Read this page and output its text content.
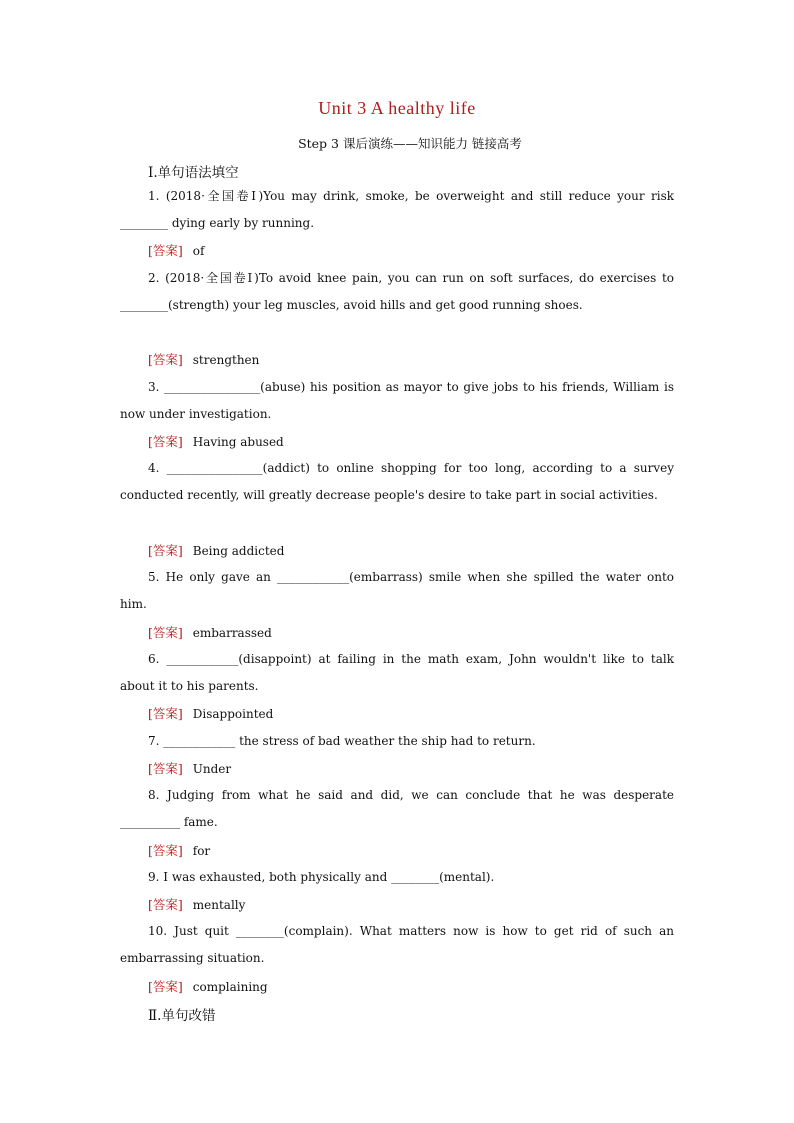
Unit 3 A healthy life
Step 3 课后演练——知识能力 链接高考
Ⅰ.单句语法填空
1. (2018·全国卷Ⅰ)You may drink, smoke, be overweight and still reduce your risk ________ dying early by running.
[答案] of
2. (2018·全国卷Ⅰ)To avoid knee pain, you can run on soft surfaces, do exercises to ________(strength) your leg muscles, avoid hills and get good running shoes.
[答案] strengthen
3. ________________(abuse) his position as mayor to give jobs to his friends, William is now under investigation.
[答案] Having abused
4. ________________(addict) to online shopping for too long, according to a survey conducted recently, will greatly decrease people's desire to take part in social activities.
[答案] Being addicted
5. He only gave an ____________(embarrass) smile when she spilled the water onto him.
[答案] embarrassed
6. ____________(disappoint) at failing in the math exam, John wouldn't like to talk about it to his parents.
[答案] Disappointed
7. ____________ the stress of bad weather the ship had to return.
[答案] Under
8. Judging from what he said and did, we can conclude that he was desperate __________ fame.
[答案] for
9. I was exhausted, both physically and ________(mental).
[答案] mentally
10. Just quit ________(complain). What matters now is how to get rid of such an embarrassing situation.
[答案] complaining
Ⅱ.单句改错
